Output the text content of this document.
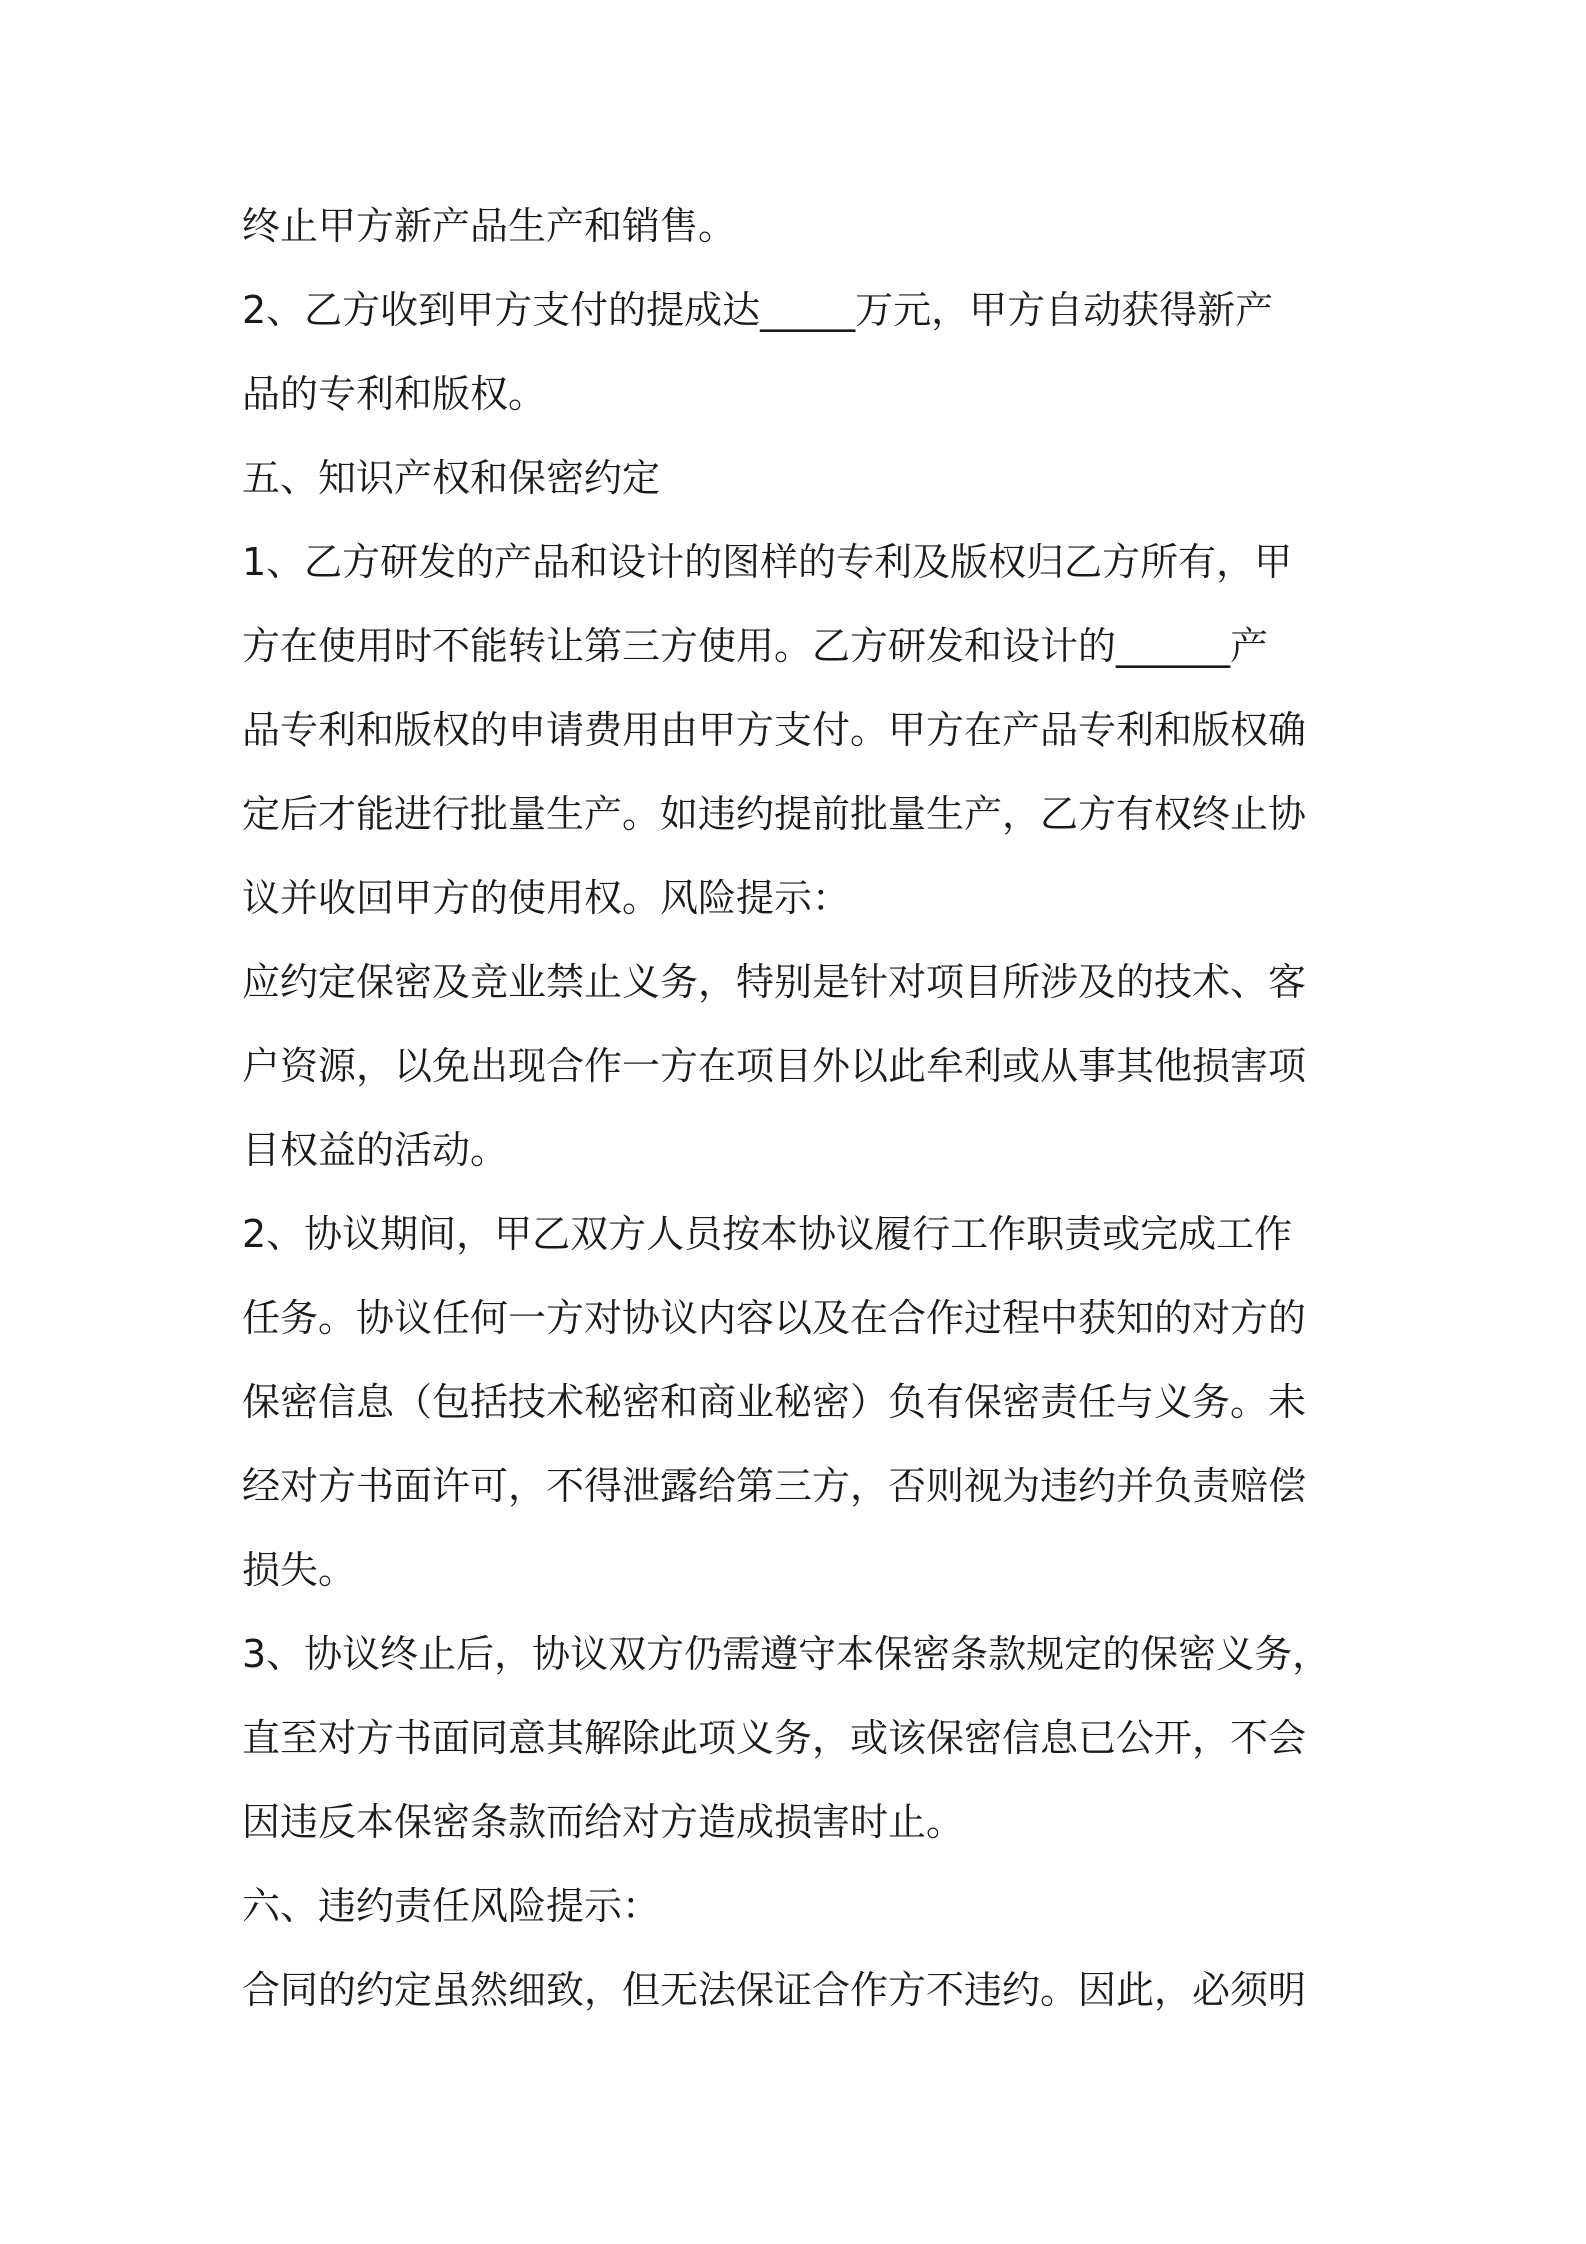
终止甲方新产品生产和销售。
2、乙方收到甲方支付的提成达_____万元，甲方自动获得新产
品的专利和版权。
五、知识产权和保密约定
1、乙方研发的产品和设计的图样的专利及版权归乙方所有，甲
方在使用时不能转让第三方使用。乙方研发和设计的______产
品专利和版权的申请费用由甲方支付。甲方在产品专利和版权确
定后才能进行批量生产。如违约提前批量生产，乙方有权终止协
议并收回甲方的使用权。风险提示：
应约定保密及竞业禁止义务，特别是针对项目所涉及的技术、客
户资源，以免出现合作一方在项目外以此牟利或从事其他损害项
目权益的活动。
2、协议期间，甲乙双方人员按本协议履行工作职责或完成工作
任务。协议任何一方对协议内容以及在合作过程中获知的对方的
保密信息（包括技术秘密和商业秘密）负有保密责任与义务。未
经对方书面许可，不得泄露给第三方，否则视为违约并负责赔偿
损失。
3、协议终止后，协议双方仍需遵守本保密条款规定的保密义务，
直至对方书面同意其解除此项义务，或该保密信息已公开，不会
因违反本保密条款而给对方造成损害时止。
六、违约责任风险提示：
合同的约定虽然细致，但无法保证合作方不违约。因此，必须明
